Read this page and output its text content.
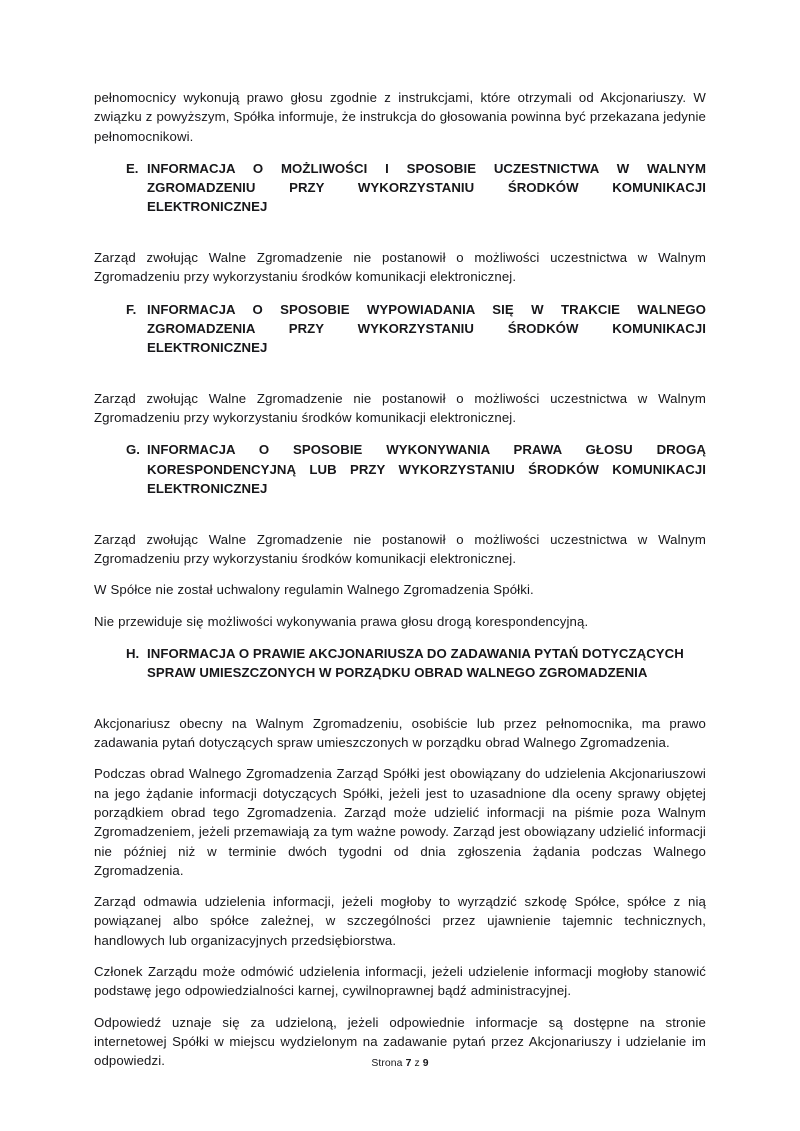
pełnomocnicy wykonują prawo głosu zgodnie z instrukcjami, które otrzymali od Akcjonariuszy. W związku z powyższym, Spółka informuje, że instrukcja do głosowania powinna być przekazana jedynie pełnomocnikowi.

E. INFORMACJA O MOŻLIWOŚCI I SPOSOBIE UCZESTNICTWA W WALNYM ZGROMADZENIU PRZY WYKORZYSTANIU ŚRODKÓW KOMUNIKACJI ELEKTRONICZNEJ

Zarząd zwołując Walne Zgromadzenie nie postanowił o możliwości uczestnictwa w Walnym Zgromadzeniu przy wykorzystaniu środków komunikacji elektronicznej.

F. INFORMACJA O SPOSOBIE WYPOWIADANIA SIĘ W TRAKCIE WALNEGO ZGROMADZENIA PRZY WYKORZYSTANIU ŚRODKÓW KOMUNIKACJI ELEKTRONICZNEJ

Zarząd zwołując Walne Zgromadzenie nie postanowił o możliwości uczestnictwa w Walnym Zgromadzeniu przy wykorzystaniu środków komunikacji elektronicznej.

G. INFORMACJA O SPOSOBIE WYKONYWANIA PRAWA GŁOSU DROGĄ KORESPONDENCYJNĄ LUB PRZY WYKORZYSTANIU ŚRODKÓW KOMUNIKACJI ELEKTRONICZNEJ

Zarząd zwołując Walne Zgromadzenie nie postanowił o możliwości uczestnictwa w Walnym Zgromadzeniu przy wykorzystaniu środków komunikacji elektronicznej.

W Spółce nie został uchwalony regulamin Walnego Zgromadzenia Spółki.

Nie przewiduje się możliwości wykonywania prawa głosu drogą korespondencyjną.

H. INFORMACJA O PRAWIE AKCJONARIUSZA DO ZADAWANIA PYTAŃ DOTYCZĄCYCH SPRAW UMIESZCZONYCH W PORZĄDKU OBRAD WALNEGO ZGROMADZENIA

Akcjonariusz obecny na Walnym Zgromadzeniu, osobiście lub przez pełnomocnika, ma prawo zadawania pytań dotyczących spraw umieszczonych w porządku obrad Walnego Zgromadzenia.

Podczas obrad Walnego Zgromadzenia Zarząd Spółki jest obowiązany do udzielenia Akcjonariuszowi na jego żądanie informacji dotyczących Spółki, jeżeli jest to uzasadnione dla oceny sprawy objętej porządkiem obrad tego Zgromadzenia. Zarząd może udzielić informacji na piśmie poza Walnym Zgromadzeniem, jeżeli przemawiają za tym ważne powody. Zarząd jest obowiązany udzielić informacji nie później niż w terminie dwóch tygodni od dnia zgłoszenia żądania podczas Walnego Zgromadzenia.

Zarząd odmawia udzielenia informacji, jeżeli mogłoby to wyrządzić szkodę Spółce, spółce z nią powiązanej albo spółce zależnej, w szczególności przez ujawnienie tajemnic technicznych, handlowych lub organizacyjnych przedsiębiorstwa.

Członek Zarządu może odmówić udzielenia informacji, jeżeli udzielenie informacji mogłoby stanowić podstawę jego odpowiedzialności karnej, cywilnoprawnej bądź administracyjnej.

Odpowiedź uznaje się za udzieloną, jeżeli odpowiednie informacje są dostępne na stronie internetowej Spółki w miejscu wydzielonym na zadawanie pytań przez Akcjonariuszy i udzielanie im odpowiedzi.	Strona 7 z 9
